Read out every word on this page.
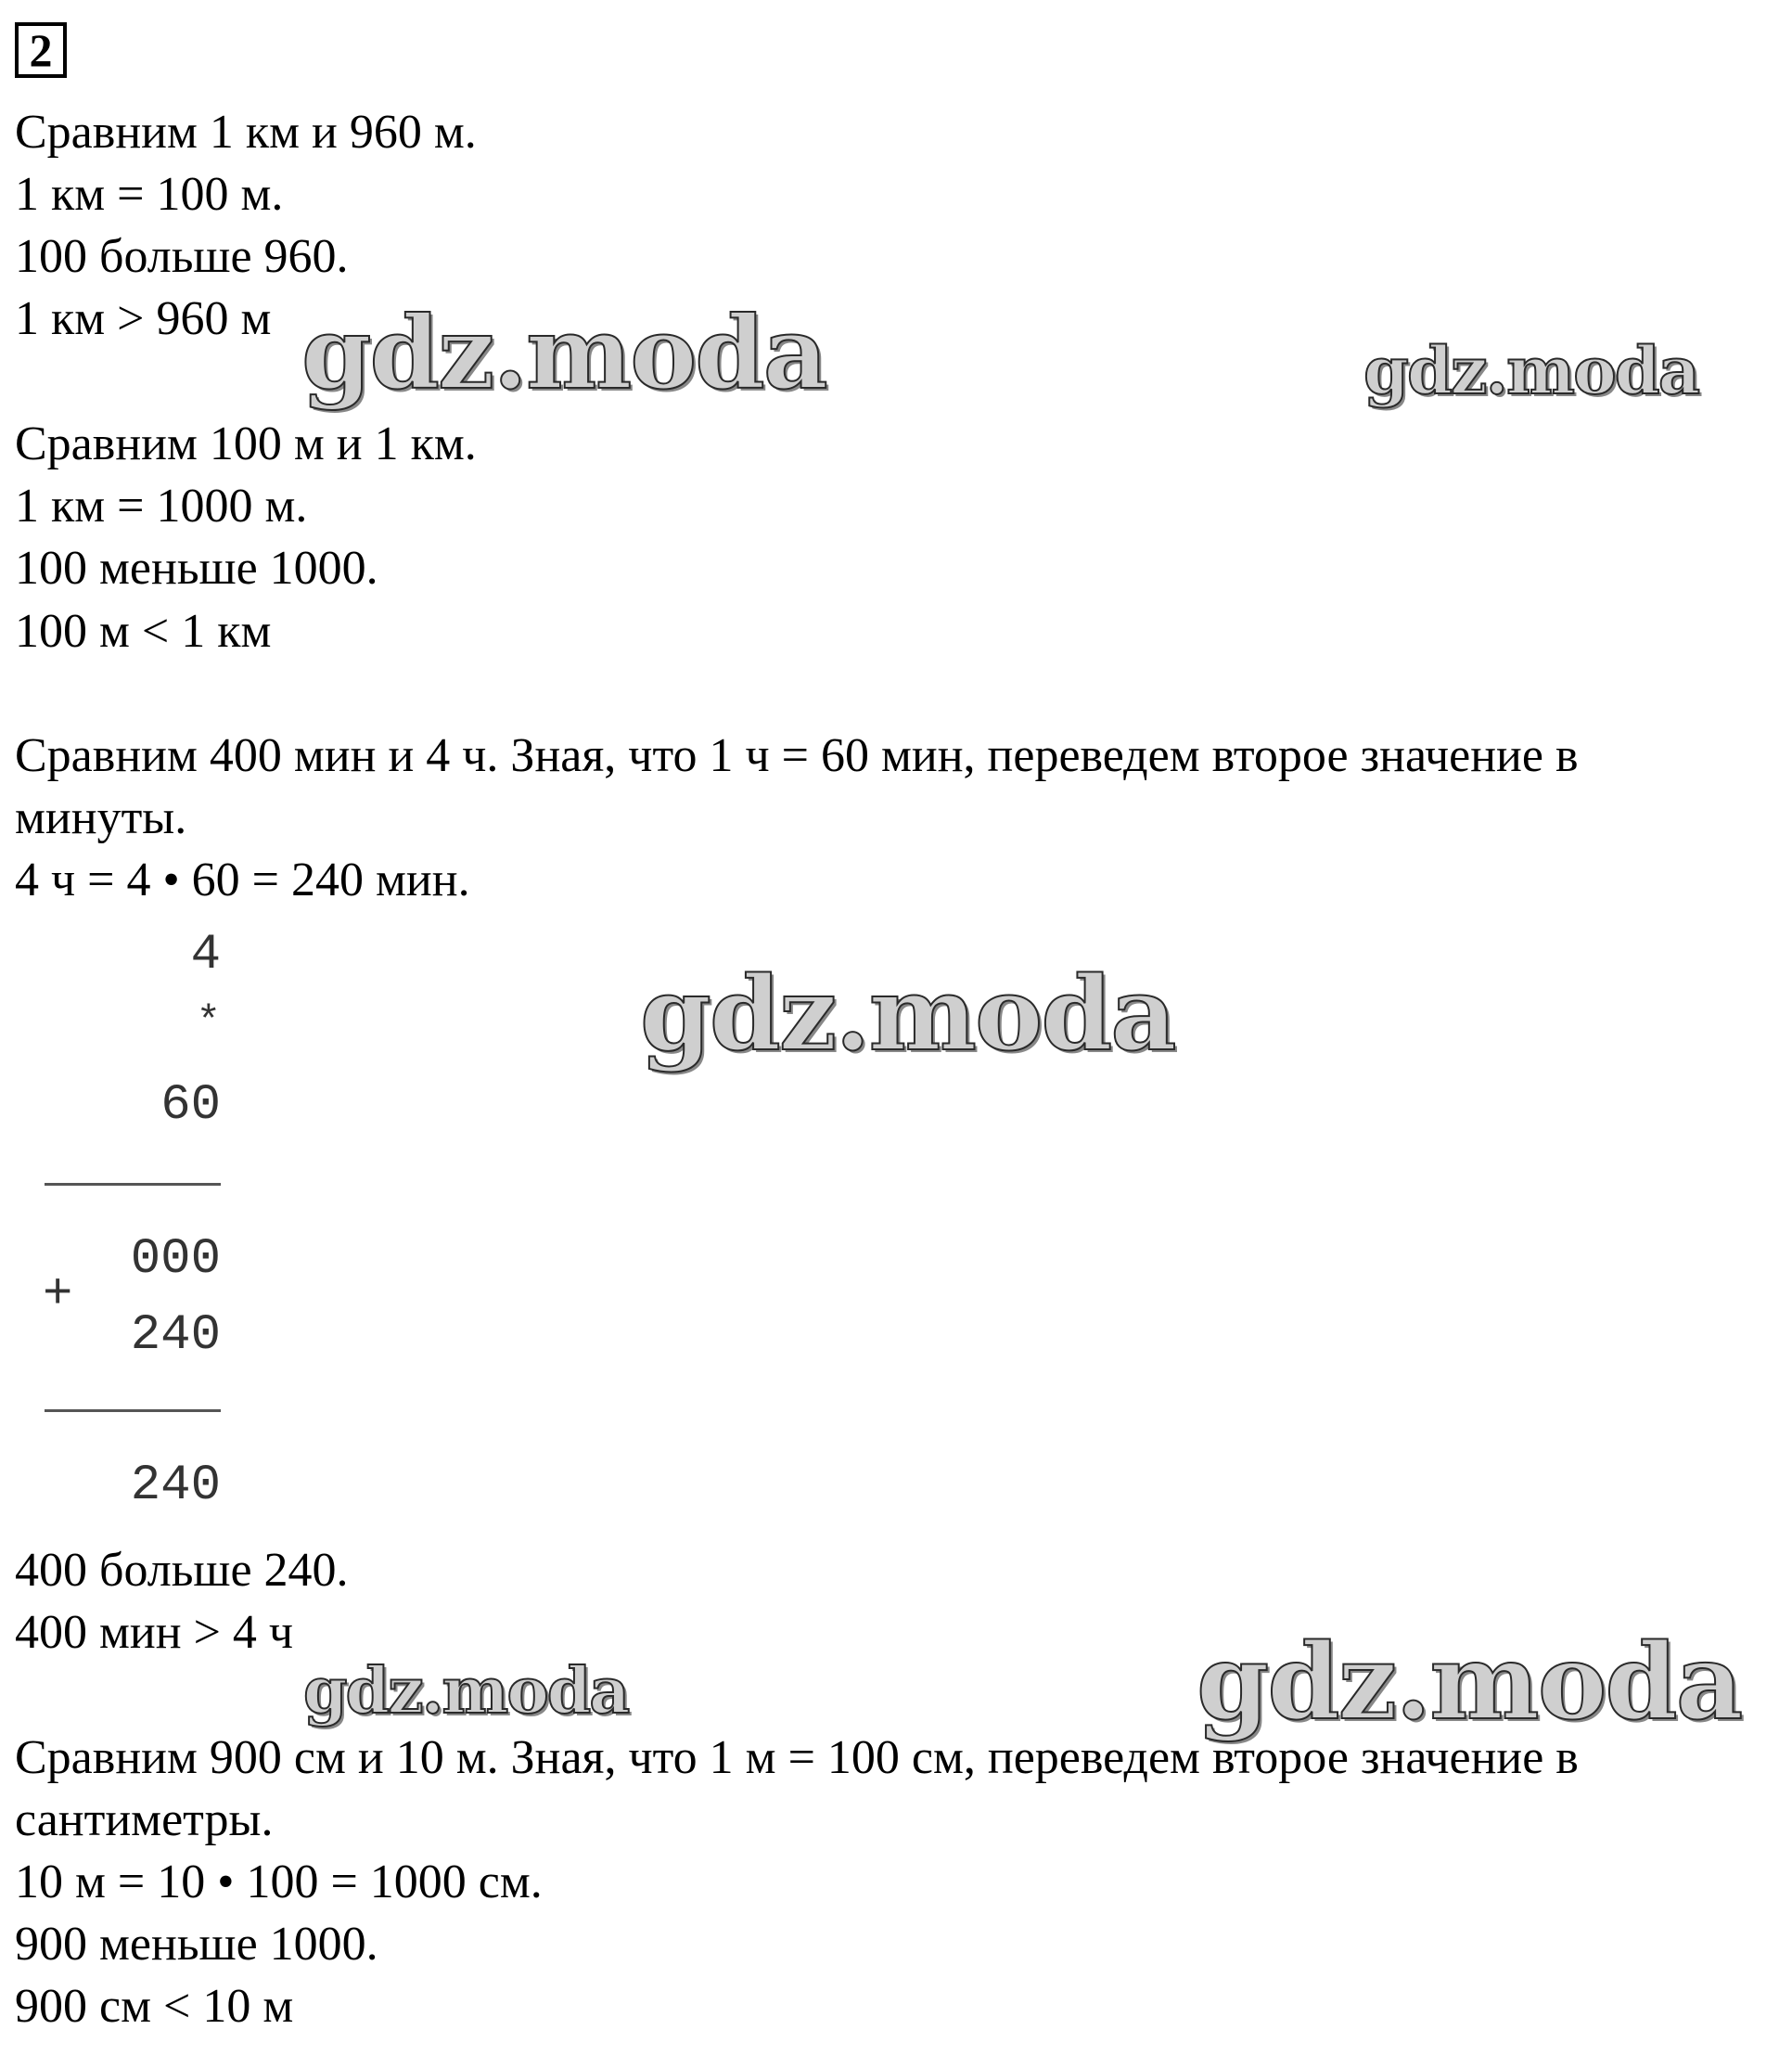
2
Сравним 1 км и 960 м.
1 км = 100 м.
100 больше 960.
1 км > 960 м
Сравним 100 м и 1 км.
1 км = 1000 м.
100 меньше 1000.
100 м < 1 км
Сравним 400 мин и 4 ч. Зная, что 1 ч = 60 мин, переведем второе значение в
минуты.
4 ч = 4 • 60 = 240 мин.
4
*
60
+
000
240
240
400 больше 240.
400 мин > 4 ч
Сравним 900 см и 10 м. Зная, что 1 м = 100 см, переведем второе значение в
сантиметры.
10 м = 10 • 100 = 1000 см.
900 меньше 1000.
900 см < 10 м
gdz.moda	gdz.moda
gdz.moda
gdz.moda	gdz.moda
